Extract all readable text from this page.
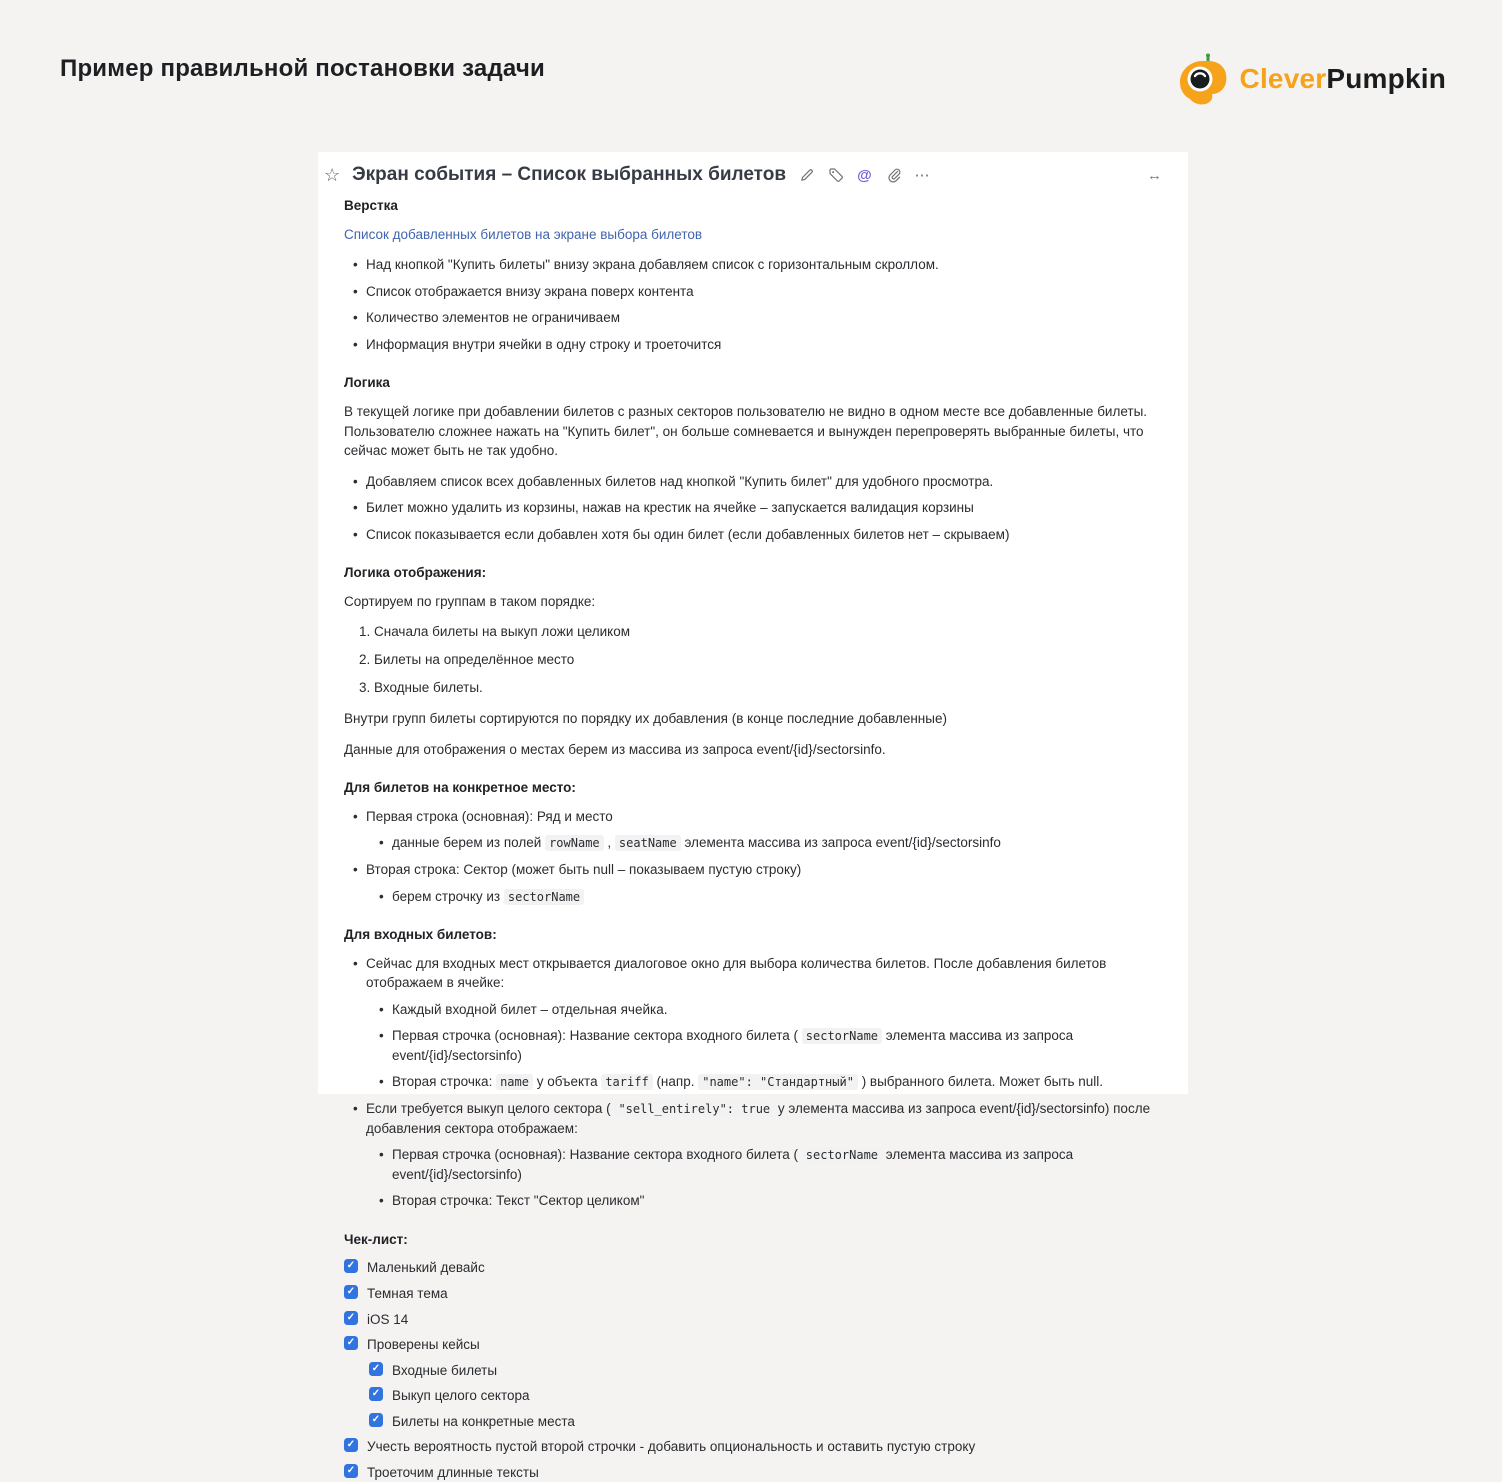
Пример правильной постановки задачи	CleverPumpkin
☆ Экран события – Список выбранных билетов	@	⋯	↔
Верстка

Список добавленных билетов на экране выбора билетов

• Над кнопкой "Купить билеты" внизу экрана добавляем список с горизонтальным скроллом.
• Список отображается внизу экрана поверх контента
• Количество элементов не ограничиваем
• Информация внутри ячейки в одну строку и троеточится
Логика

В текущей логике при добавлении билетов с разных секторов пользователю не видно в одном месте все добавленные билеты. Пользователю сложнее нажать на "Купить билет", он больше сомневается и вынужден перепроверять выбранные билеты, что сейчас может быть не так удобно.

• Добавляем список всех добавленных билетов над кнопкой "Купить билет" для удобного просмотра.
• Билет можно удалить из корзины, нажав на крестик на ячейке – запускается валидация корзины
• Список показывается если добавлен хотя бы один билет (если добавленных билетов нет – скрываем)
Логика отображения:

Сортируем по группам в таком порядке:

1. Сначала билеты на выкуп ложи целиком
2. Билеты на определённое место
3. Входные билеты.

Внутри групп билеты сортируются по порядку их добавления (в конце последние добавленные)

Данные для отображения о местах берем из массива из запроса event/{id}/sectorsinfo.

Для билетов на конкретное место:
• Первая строка (основная): Ряд и место
• данные берем из полей rowName , seatName элемента массива из запроса event/{id}/sectorsinfo
• Вторая строка: Сектор (может быть null – показываем пустую строку)
• берем строчку из sectorName
Для входных билетов:
• Сейчас для входных мест открывается диалоговое окно для выбора количества билетов. После добавления билетов отображаем в ячейке:
• Каждый входной билет – отдельная ячейка.
• Первая строчка (основная): Название сектора входного билета ( sectorName элемента массива из запроса event/{id}/sectorsinfo)
• Вторая строчка: name у объекта tariff (напр. "name": "Стандартный" ) выбранного билета. Может быть null.
• Если требуется выкуп целого сектора ( "sell_entirely": true у элемента массива из запроса event/{id}/sectorsinfo) после добавления сектора отображаем:
• Первая строчка (основная): Название сектора входного билета ( sectorName элемента массива из запроса event/{id}/sectorsinfo)
• Вторая строчка: Текст "Сектор целиком"
Чек-лист:
✓ Маленький девайс
✓ Темная тема
✓ iOS 14
✓ Проверены кейсы
✓ Входные билеты
✓ Выкуп целого сектора
✓ Билеты на конкретные места
✓ Учесть вероятность пустой второй строчки - добавить опциональность и оставить пустую строку
✓ Троеточим длинные тексты
